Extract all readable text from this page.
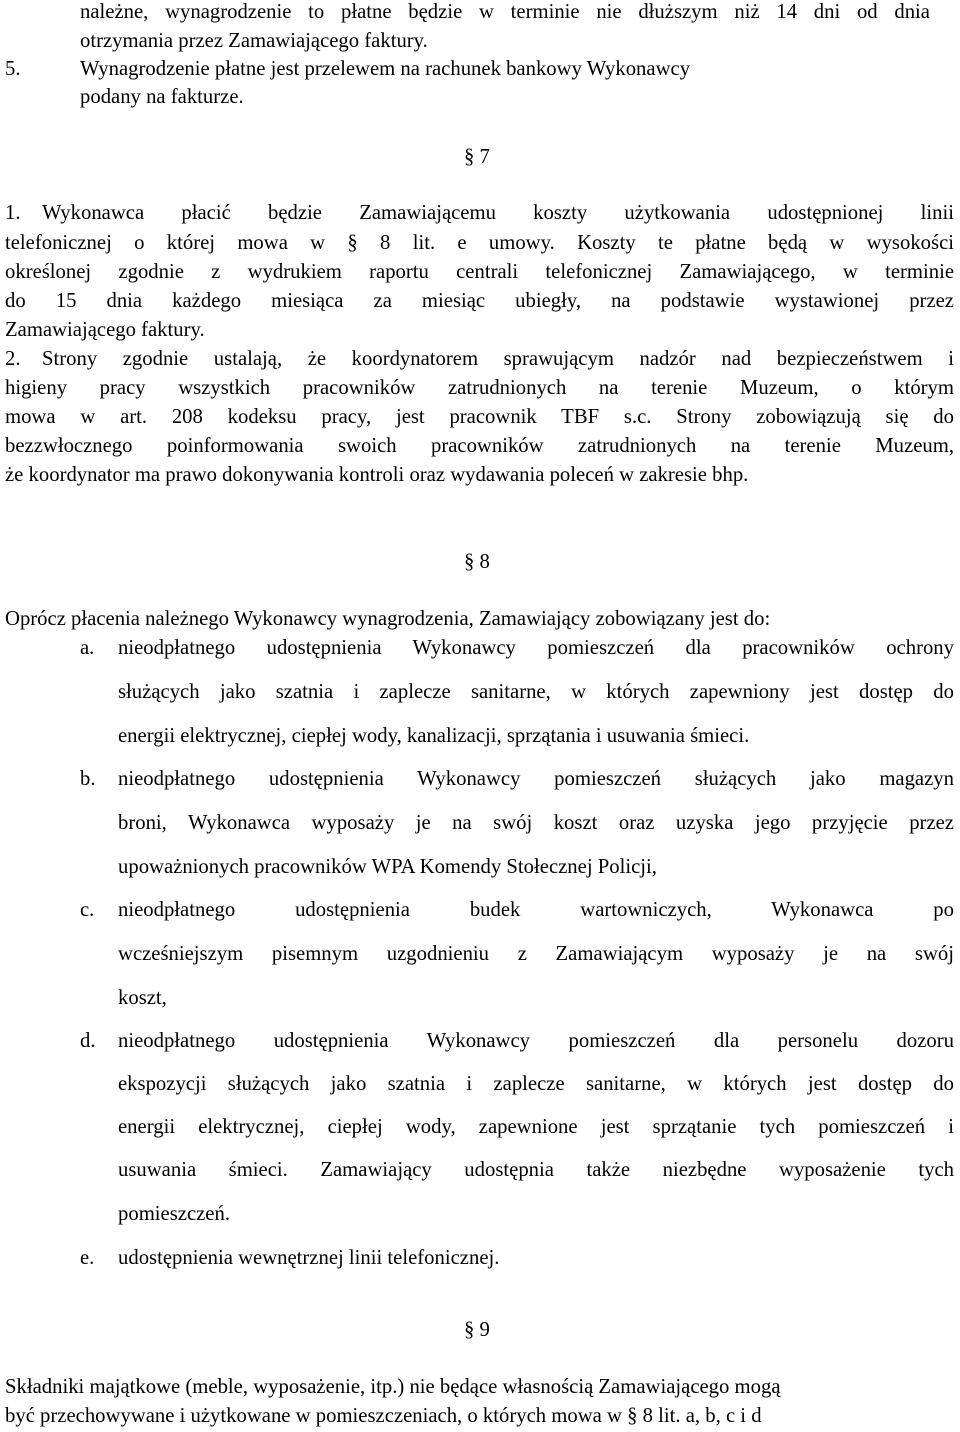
należne, wynagrodzenie to płatne będzie w terminie nie dłuższym niż 14 dni od dnia
otrzymania przez Zamawiającego faktury.
5.	Wynagrodzenie płatne jest przelewem na rachunek bankowy Wykonawcy
podany na fakturze.
§ 7
1. Wykonawca płacić będzie Zamawiającemu koszty użytkowania udostępnionej linii
telefonicznej o której mowa w § 8 lit. e umowy. Koszty te płatne będą w wysokości
określonej zgodnie z wydrukiem raportu centrali telefonicznej Zamawiającego, w terminie
do 15 dnia każdego miesiąca za miesiąc ubiegły, na podstawie wystawionej przez
Zamawiającego faktury.
2. Strony zgodnie ustalają, że koordynatorem sprawującym nadzór nad bezpieczeństwem i
higieny pracy wszystkich pracowników zatrudnionych na terenie Muzeum, o którym
mowa w art. 208 kodeksu pracy, jest pracownik TBF s.c. Strony zobowiązują się do
bezzwłocznego poinformowania swoich pracowników zatrudnionych na terenie Muzeum,
że koordynator ma prawo dokonywania kontroli oraz wydawania poleceń w zakresie bhp.
§ 8
Oprócz płacenia należnego Wykonawcy wynagrodzenia, Zamawiający zobowiązany jest do:
a. nieodpłatnego udostępnienia Wykonawcy pomieszczeń dla pracowników ochrony
służących jako szatnia i zaplecze sanitarne, w których zapewniony jest dostęp do
energii elektrycznej, ciepłej wody, kanalizacji, sprzątania i usuwania śmieci.
b. nieodpłatnego udostępnienia Wykonawcy pomieszczeń służących jako magazyn
broni, Wykonawca wyposaży je na swój koszt oraz uzyska jego przyjęcie przez
upoważnionych pracowników WPA Komendy Stołecznej Policji,
c. nieodpłatnego udostępnienia budek wartowniczych, Wykonawca po
wcześniejszym pisemnym uzgodnieniu z Zamawiającym wyposaży je na swój
koszt,
d. nieodpłatnego udostępnienia Wykonawcy pomieszczeń dla personelu dozoru
ekspozycji służących jako szatnia i zaplecze sanitarne, w których jest dostęp do
energii elektrycznej, ciepłej wody, zapewnione jest sprzątanie tych pomieszczeń i
usuwania śmieci. Zamawiający udostępnia także niezbędne wyposażenie tych
pomieszczeń.
e. udostępnienia wewnętrznej linii telefonicznej.
§ 9
Składniki majątkowe (meble, wyposażenie, itp.) nie będące własnością Zamawiającego mogą
być przechowywane i użytkowane w pomieszczeniach, o których mowa w § 8 lit. a, b, c i d
